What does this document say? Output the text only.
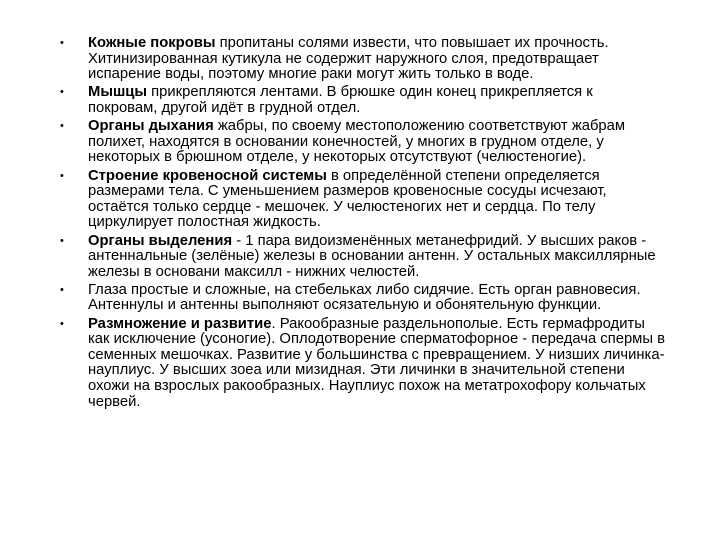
• Кожные покровы пропитаны солями извести, что повышает их прочность. Хитинизированная кутикула не содержит наружного слоя, предотвращает испарение воды, поэтому многие раки могут жить только в воде.
• Мышцы прикрепляются лентами. В брюшке один конец прикрепляется к покровам, другой идёт в грудной отдел.
• Органы дыхания жабры, по своему местоположению соответствуют жабрам полихет, находятся в основании конечностей, у многих в грудном отделе, у некоторых в брюшном отделе, у некоторых отсутствуют (челюстеногие).
• Строение кровеносной системы в определённой степени определяется размерами тела. С уменьшением размеров кровеносные сосуды исчезают, остаётся только сердце - мешочек. У челюстеногих нет и сердца. По телу циркулирует полостная жидкость.
• Органы выделения - 1 пара видоизменённых метанефридий. У высших раков - антеннальные (зелёные) железы в основании антенн. У остальных максиллярные железы в основани максилл - нижних челюстей.
• Глаза простые и сложные, на стебельках либо сидячие. Есть орган равновесия. Антеннулы и антенны выполняют осязательную и обонятельную функции.
• Размножение и развитие. Ракообразные раздельнополые. Есть гермафродиты как исключение (усоногие). Оплодотворение сперматофорное - передача спермы в семенных мешочках. Развитие у большинства с превращением. У низших личинка- науплиус. У высших зоеа или мизидная. Эти личинки в значительной степени охожи на взрослых ракообразных. Науплиус похож на метатрохофору кольчатых червей.
